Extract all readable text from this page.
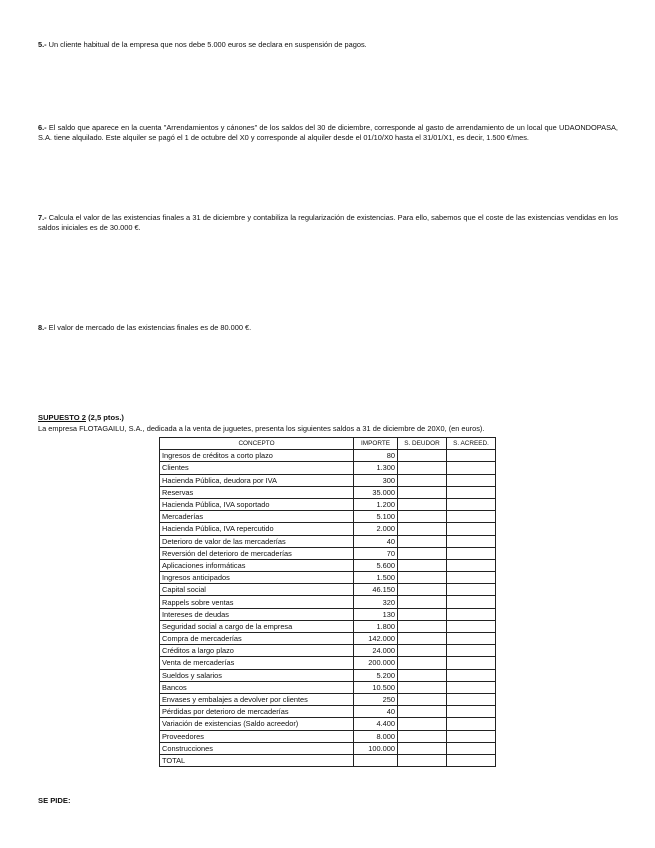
5.- Un cliente habitual de la empresa que nos debe 5.000 euros se declara en suspensión de pagos.
6.- El saldo que aparece en la cuenta "Arrendamientos y cánones" de los saldos del 30 de diciembre, corresponde al gasto de arrendamiento de un local que UDAONDOPASA, S.A. tiene alquilado. Este alquiler se pagó el 1 de octubre del X0 y corresponde al alquiler desde el 01/10/X0 hasta el 31/01/X1, es decir, 1.500 €/mes.
7.- Calcula el valor de las existencias finales a 31 de diciembre y contabiliza la regularización de existencias. Para ello, sabemos que el coste de las existencias vendidas en los saldos iniciales es de 30.000 €.
8.- El valor de mercado de las existencias finales es de 80.000 €.
SUPUESTO 2 (2,5 ptos.)
La empresa FLOTAGAILU, S.A., dedicada a la venta de juguetes, presenta los siguientes saldos a 31 de diciembre de 20X0, (en euros).
CONCEPTO	IMPORTE	S. DEUDOR	S. ACREED.
Ingresos de créditos a corto plazo	80		
Clientes	1.300		
Hacienda Pública, deudora por IVA	300		
Reservas	35.000		
Hacienda Pública, IVA soportado	1.200		
Mercaderías	5.100		
Hacienda Pública, IVA repercutido	2.000		
Deterioro de valor de las mercaderías	40		
Reversión del deterioro de mercaderías	70		
Aplicaciones informáticas	5.600		
Ingresos anticipados	1.500		
Capital social	46.150		
Rappels sobre ventas	320		
Intereses de deudas	130		
Seguridad social a cargo de la empresa	1.800		
Compra de mercaderías	142.000		
Créditos a largo plazo	24.000		
Venta de mercaderías	200.000		
Sueldos y salarios	5.200		
Bancos	10.500		
Envases y embalajes a devolver por clientes	250		
Pérdidas por deterioro de mercaderías	40		
Variación de existencias (Saldo acreedor)	4.400		
Proveedores	8.000		
Construcciones	100.000		
TOTAL			
SE PIDE:
